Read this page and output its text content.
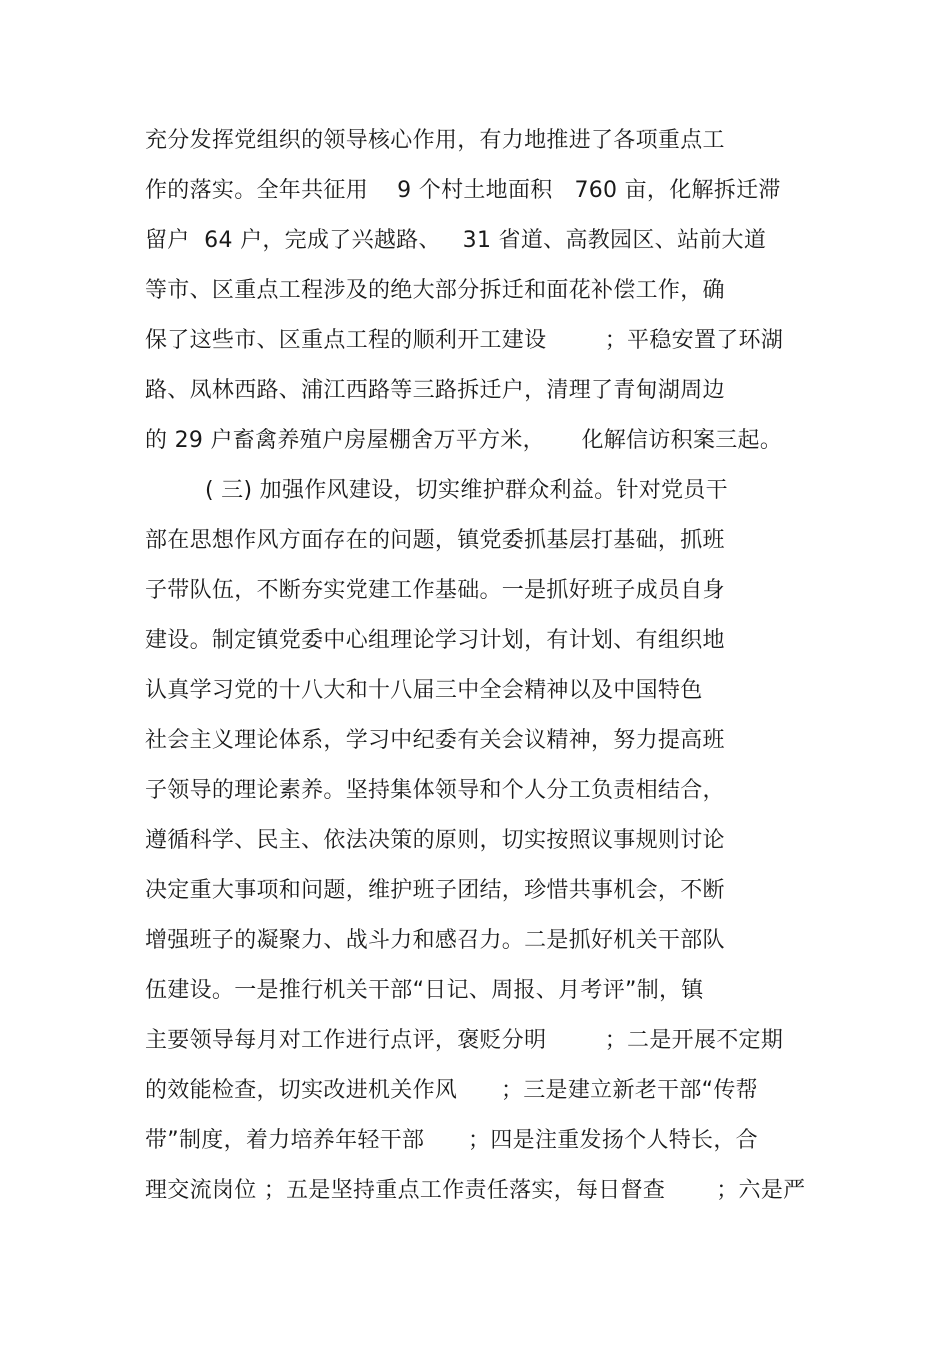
充分发挥党组织的领导核心作用，有力地推进了各项重点工
作的落实。全年共征用    9 个村土地面积   760 亩，化解拆迁滞
留户  64 户，完成了兴越路、   31 省道、高教园区、站前大道
等市、区重点工程涉及的绝大部分拆迁和面花补偿工作，确
保了这些市、区重点工程的顺利开工建设        ；平稳安置了环湖
路、凤林西路、浦江西路等三路拆迁户，清理了青甸湖周边
的 29 户畜禽养殖户房屋棚舍万平方米，     化解信访积案三起。
( 三) 加强作风建设，切实维护群众利益。针对党员干
部在思想作风方面存在的问题，镇党委抓基层打基础，抓班
子带队伍，不断夯实党建工作基础。一是抓好班子成员自身
建设。制定镇党委中心组理论学习计划，有计划、有组织地
认真学习党的十八大和十八届三中全会精神以及中国特色
社会主义理论体系，学习中纪委有关会议精神，努力提高班
子领导的理论素养。坚持集体领导和个人分工负责相结合，
遵循科学、民主、依法决策的原则，切实按照议事规则讨论
决定重大事项和问题，维护班子团结，珍惜共事机会，不断
增强班子的凝聚力、战斗力和感召力。二是抓好机关干部队
伍建设。一是推行机关干部“日记、周报、月考评”制，镇
主要领导每月对工作进行点评，褒贬分明        ；二是开展不定期
的效能检查，切实改进机关作风      ；三是建立新老干部“传帮
带”制度，着力培养年轻干部      ；四是注重发扬个人特长，合
理交流岗位 ；五是坚持重点工作责任落实，每日督查       ；六是严
